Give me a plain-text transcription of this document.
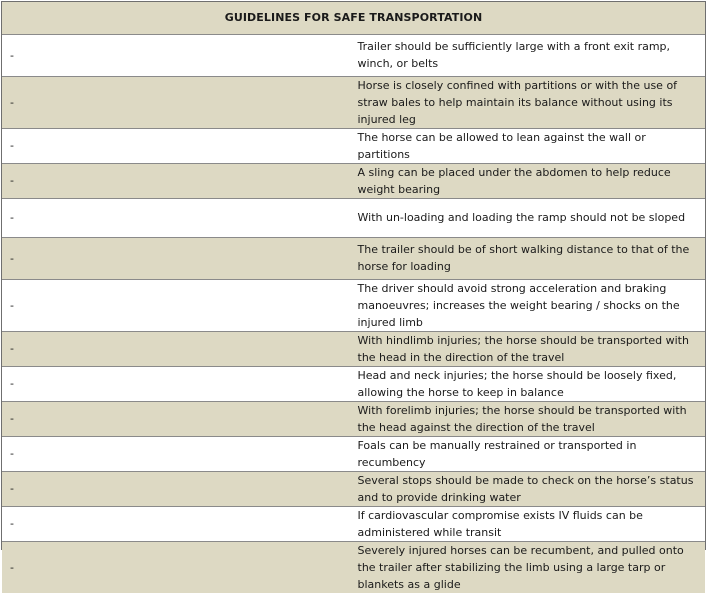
GUIDELINES FOR SAFE TRANSPORTATION	
-	Trailer should be sufficiently large with a front exit ramp, winch, or belts
-	Horse is closely confined with partitions or with the use of straw bales to help maintain its balance without using its injured leg
-	The horse can be allowed to lean against the wall or partitions
-	A sling can be placed under the abdomen to help reduce weight bearing
-	With un-loading and loading the ramp should not be sloped
-	The trailer should be of short walking distance to that of the horse for loading
-	The driver should avoid strong acceleration and braking manoeuvres; increases the weight bearing / shocks on the injured limb
-	With hindlimb injuries; the horse should be transported with the head in the direction of the travel
-	Head and neck injuries; the horse should be loosely fixed, allowing the horse to keep in balance
-	With forelimb injuries; the horse should be transported with the head against the direction of the travel
-	Foals can be manually restrained or transported in recumbency
-	Several stops should be made to check on the horse’s status and to provide drinking water
-	If cardiovascular compromise exists IV fluids can be administered while transit
-	Severely injured horses can be recumbent, and pulled onto the trailer after stabilizing the limb using a large tarp or blankets as a glide
